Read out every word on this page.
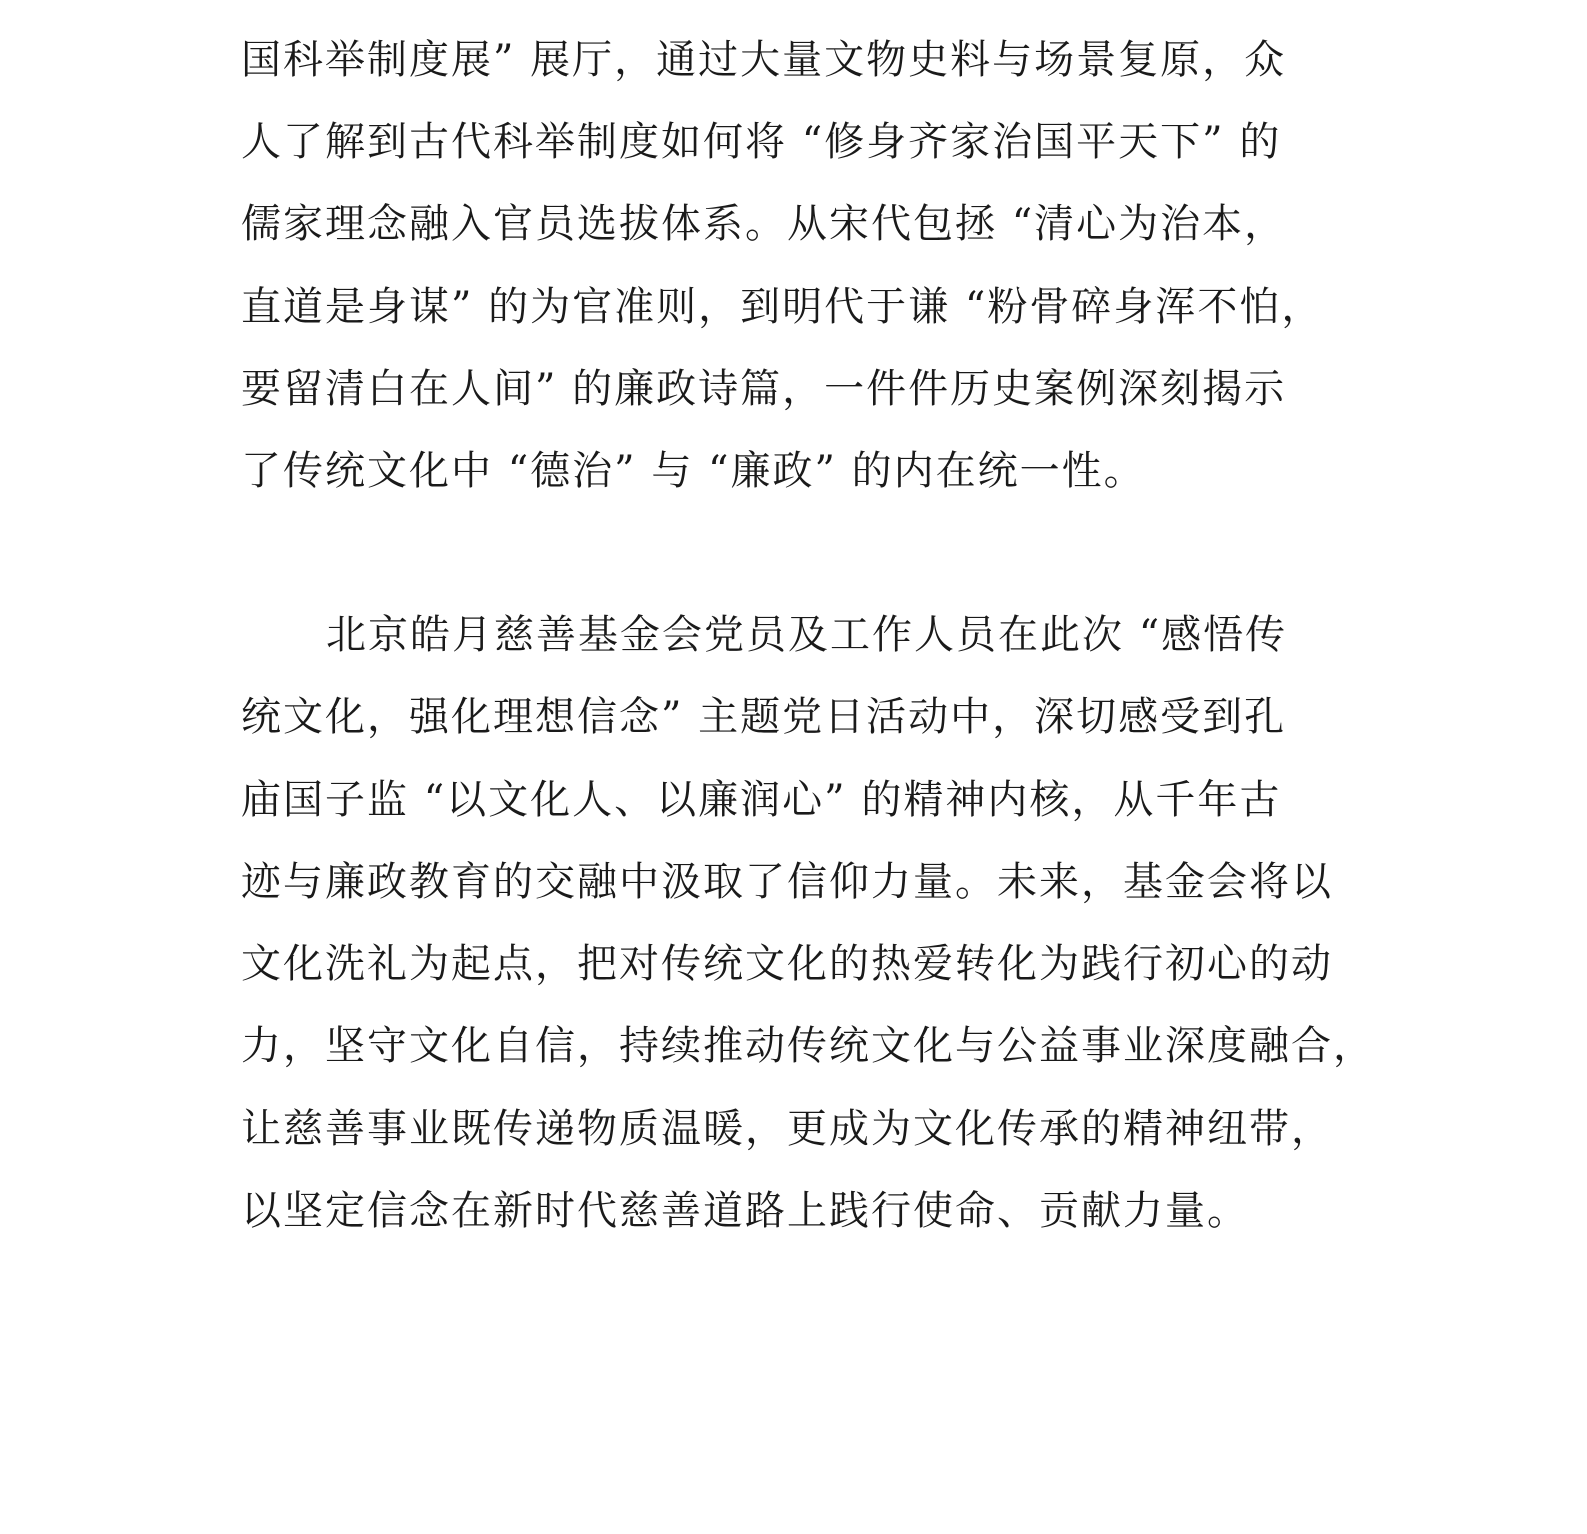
国科举制度展” 展厅，通过大量文物史料与场景复原，众
人了解到古代科举制度如何将 “修身齐家治国平天下” 的
儒家理念融入官员选拔体系。从宋代包拯 “清心为治本，
直道是身谋” 的为官准则，到明代于谦 “粉骨碎身浑不怕，
要留清白在人间” 的廉政诗篇，一件件历史案例深刻揭示
了传统文化中 “德治” 与 “廉政” 的内在统一性。
北京皓月慈善基金会党员及工作人员在此次 “感悟传
统文化，强化理想信念” 主题党日活动中，深切感受到孔
庙国子监 “以文化人、以廉润心” 的精神内核，从千年古
迹与廉政教育的交融中汲取了信仰力量。未来，基金会将以
文化洗礼为起点，把对传统文化的热爱转化为践行初心的动
力，坚守文化自信，持续推动传统文化与公益事业深度融合，
让慈善事业既传递物质温暖，更成为文化传承的精神纽带，
以坚定信念在新时代慈善道路上践行使命、贡献力量。
